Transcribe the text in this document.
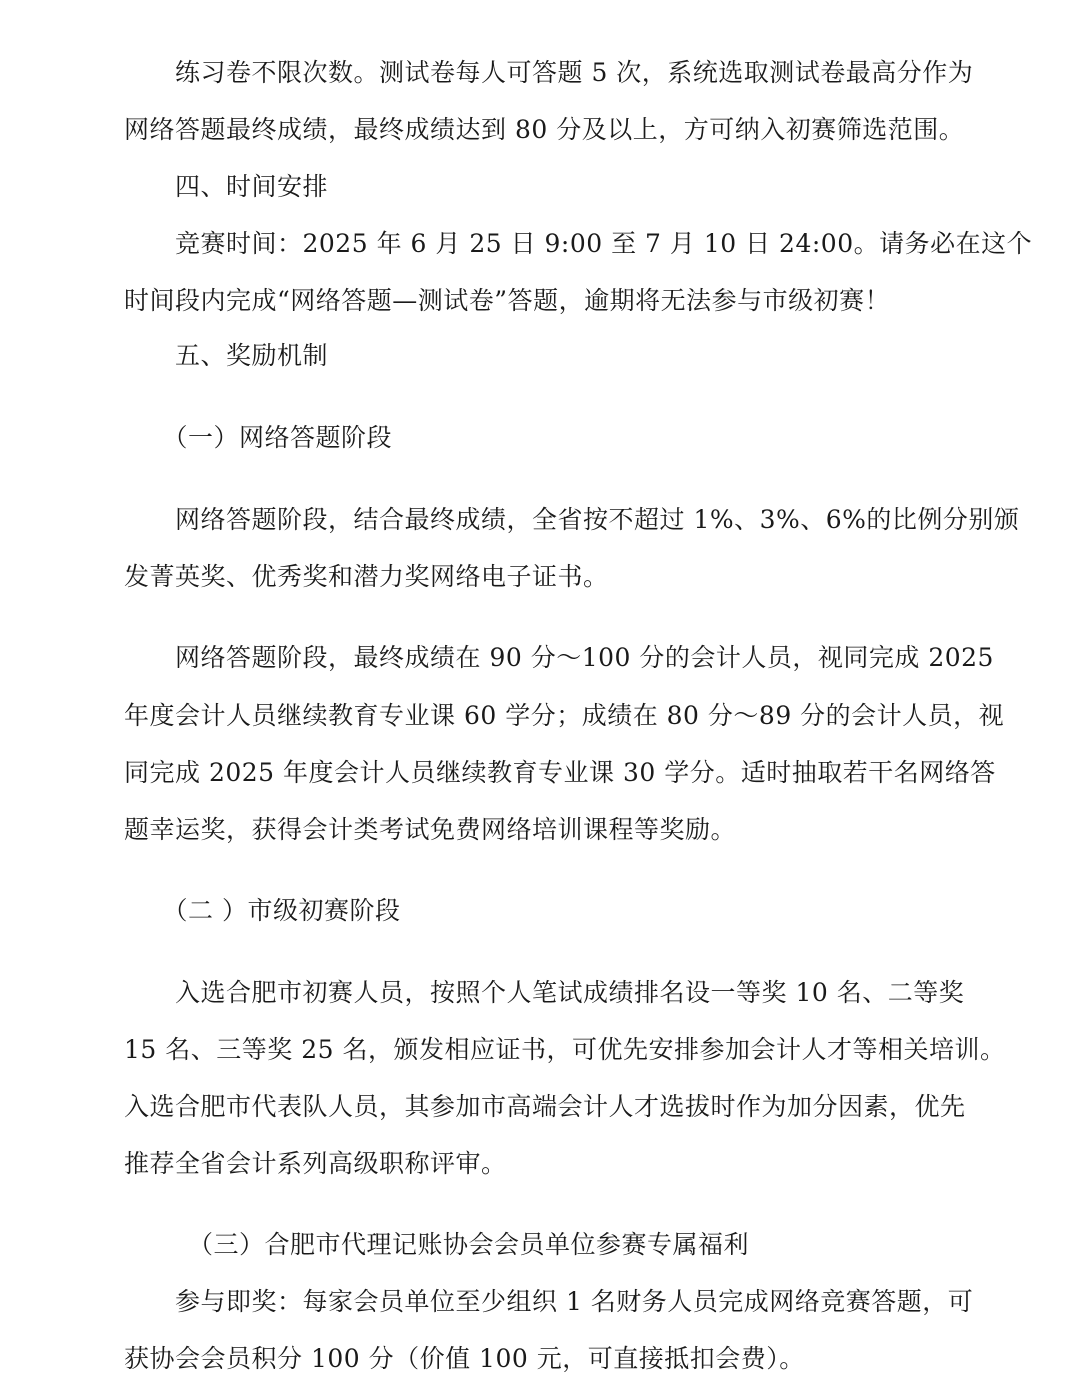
　　练习卷不限次数。测试卷每人可答题 5 次，系统选取测试卷最高分作为
网络答题最终成绩，最终成绩达到 80 分及以上，方可纳入初赛筛选范围。
　　四、时间安排
　　竞赛时间：2025 年 6 月 25 日 9:00 至 7 月 10 日 24:00。请务必在这个
时间段内完成“网络答题—测试卷”答题，逾期将无法参与市级初赛！
　　五、奖励机制
　　（一）网络答题阶段
　　网络答题阶段，结合最终成绩，全省按不超过 1%、3%、6%的比例分别颁
发菁英奖、优秀奖和潜力奖网络电子证书。
　　网络答题阶段，最终成绩在 90 分～100 分的会计人员，视同完成 2025
年度会计人员继续教育专业课 60 学分；成绩在 80 分～89 分的会计人员，视
同完成 2025 年度会计人员继续教育专业课 30 学分。适时抽取若干名网络答
题幸运奖，获得会计类考试免费网络培训课程等奖励。
　　（二 ）市级初赛阶段
　　入选合肥市初赛人员，按照个人笔试成绩排名设一等奖 10 名、二等奖
15 名、三等奖 25 名，颁发相应证书，可优先安排参加会计人才等相关培训。
入选合肥市代表队人员，其参加市高端会计人才选拔时作为加分因素，优先
推荐全省会计系列高级职称评审。
　　　（三）合肥市代理记账协会会员单位参赛专属福利
　　参与即奖：每家会员单位至少组织 1 名财务人员完成网络竞赛答题，可
获协会会员积分 100 分（价值 100 元，可直接抵扣会费）。
